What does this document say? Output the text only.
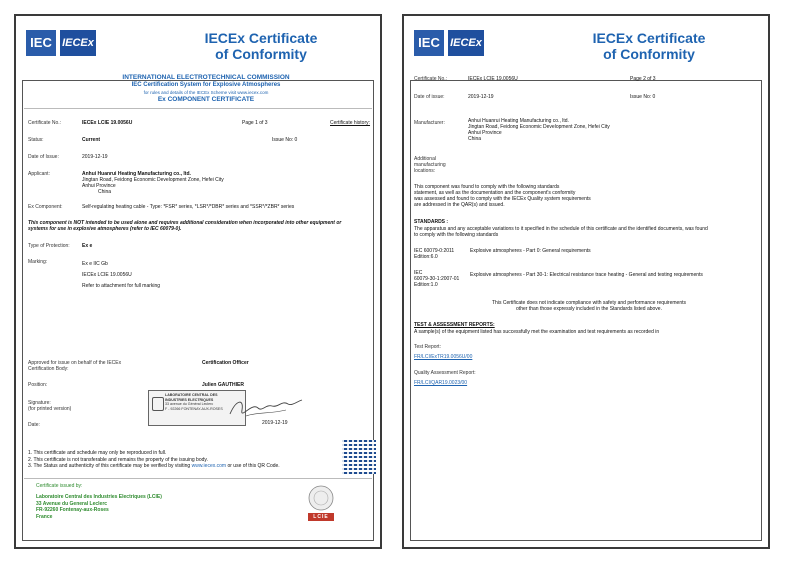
IEC IECEx	IECEx Certificate
of Conformity
INTERNATIONAL ELECTROTECHNICAL COMMISSION
IEC Certification System for Explosive Atmospheres
for rules and details of the IECEx Scheme visit www.iecex.com
Ex COMPONENT CERTIFICATE
Certificate No.:	IECEx LCIE 19.0056U	Page 1 of 3	Certificate history:
Status:	Current	Issue No: 0
Date of Issue:	2019-12-19
Applicant:	Anhui Huanrui Heating Manufacturing co., ltd.
Jingtan Road, Feidong Economic Development Zone, Hefei City
Anhui Province
China
Ex Component:	Self-regulating heating cable - Type: *FSR* series, *LSR*/*DBR* series and *SSR*/*ZBR* series
This component is NOT intended to be used alone and requires additional consideration when incorporated into other equipment or
systems for use in explosive atmospheres (refer to IEC 60079-0).
Type of Protection: Ex e
Marking:	Ex e IIC Gb
IECEx LCIE 19.0056U
Refer to attachment for full marking
Approved for issue on behalf of the IECEx
Certification Body:
Certification Officer
Position:	Julien GAUTHIER
Signature:
(for printed version)
LABORATOIRE CENTRAL DES
INDUSTRIES ELECTRIQUES
33 avenue du Général Leclerc
F - 92266 FONTENAY-AUX-ROSES
Date:	2019-12-19
1. This certificate and schedule may only be reproduced in full.
2. This certificate is not transferable and remains the property of the issuing body.
3. The Status and authenticity of this certificate may be verified by visiting www.iecex.com or use of this QR Code.
Certificate issued by:
Laboratoire Central des Industries Electriques (LCIE)
33 Avenue du General Leclerc
FR-92260 Fontenay-aux-Roses
France	LCIE
IEC IECEx	IECEx Certificate
of Conformity
Certificate No.:	IECEx LCIE 19.0056U	Page 2 of 3
Date of issue:	2019-12-19	Issue No: 0
Manufacturer:	Anhui Huanrui Heating Manufacturing co., ltd.
Jingtan Road, Feidong Economic Development Zone, Hefei City
Anhui Province
China
Additional
manufacturing
locations:
This component was found to comply with the following standards
statement, as well as the documentation and the component's conformity
was assessed and found to comply with the IECEx Quality system requirements
are addressed in the QAR(s) and issued.
STANDARDS :
The apparatus and any acceptable variations to it specified in the schedule of this certificate and the identified documents, was found
to comply with the following standards
IEC 60079-0:2011
Edition:6.0
Explosive atmospheres - Part 0: General requirements
IEC
60079-30-1:2007-01
Edition:1.0
Explosive atmospheres - Part 30-1: Electrical resistance trace heating - General and testing requirements
This Certificate does not indicate compliance with safety and performance requirements
other than those expressly included in the Standards listed above.
TEST & ASSESSMENT REPORTS:
A sample(s) of the equipment listed has successfully met the examination and test requirements as recorded in
Test Report:
FR/LCI/ExTR19.0056U/00
Quality Assessment Report:
FR/LCI/QAR19.0023/00
